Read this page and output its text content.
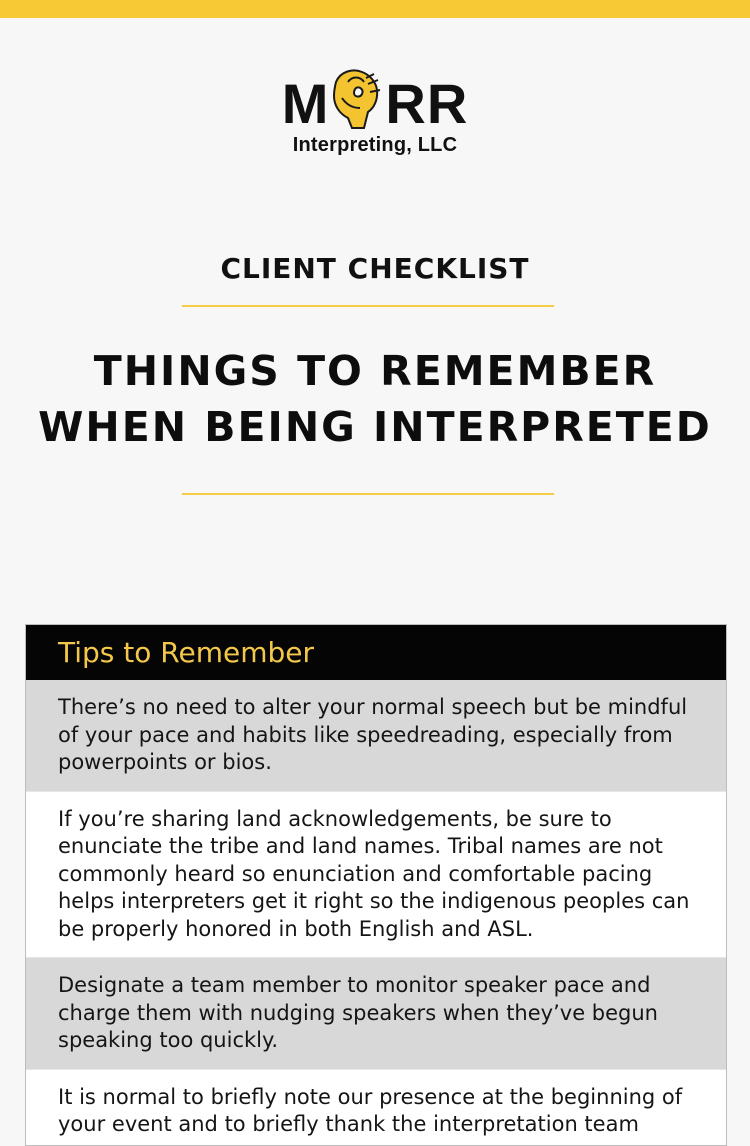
M RR
Interpreting, LLC
CLIENT CHECKLIST
THINGS TO REMEMBER
WHEN BEING INTERPRETED
Tips to Remember
There’s no need to alter your normal speech but be mindful of your pace and habits like speedreading, especially from powerpoints or bios.
If you’re sharing land acknowledgements, be sure to enunciate the tribe and land names. Tribal names are not commonly heard so enunciation and comfortable pacing helps interpreters get it right so the indigenous peoples can be properly honored in both English and ASL.
Designate a team member to monitor speaker pace and charge them with nudging speakers when they’ve begun speaking too quickly.
It is normal to briefly note our presence at the beginning of your event and to briefly thank the interpretation team
